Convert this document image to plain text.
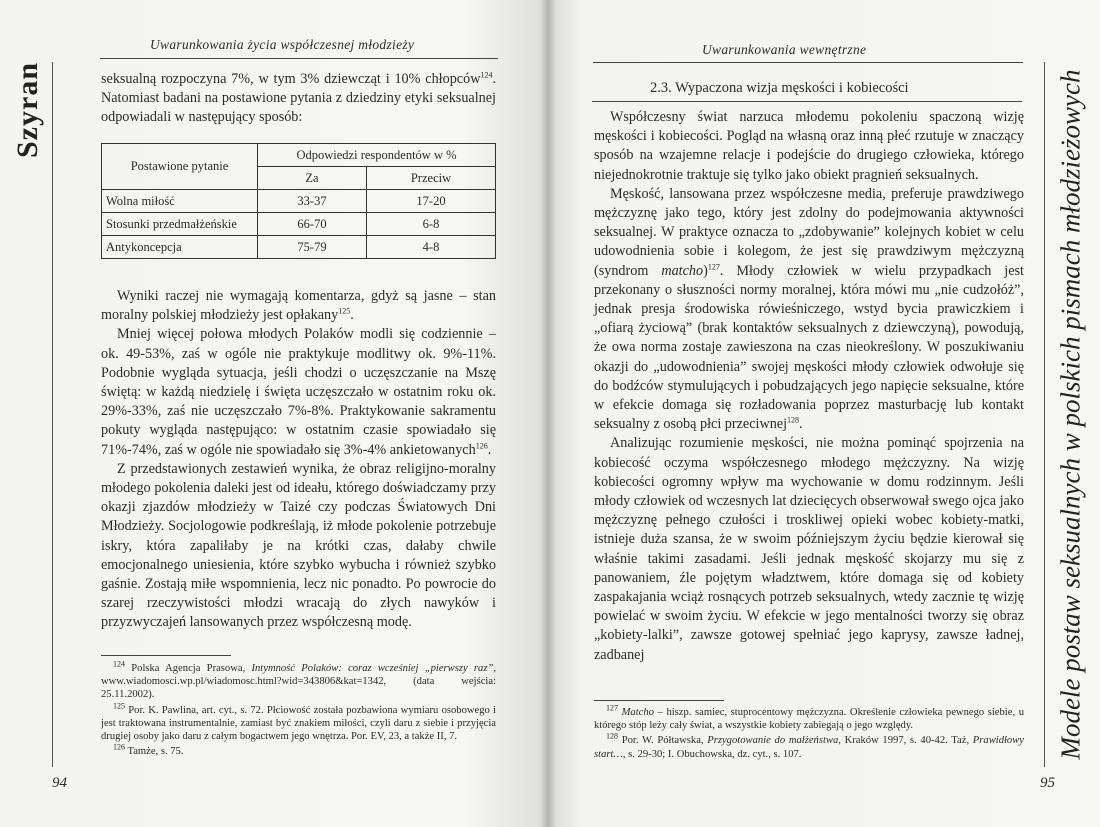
Szyran
Uwarunkowania życia współczesnej młodzieży

seksualną rozpoczyna 7%, w tym 3% dziewcząt i 10% chłopców$^{124}$. Natomiast badani na postawione pytania z dziedziny etyki seksualnej odpowiadali w następujący sposób:

Postawione pytanie	Odpowiedzi respondentów w %	
	Za	Przeciw
Wolna miłość	33-37	17-20
Stosunki przedmałżeńskie	66-70	6-8
Antykoncepcja	75-79	4-8

Wyniki raczej nie wymagają komentarza, gdyż są jasne – stan moralny polskiej młodzieży jest opłakany$^{125}$.

Mniej więcej połowa młodych Polaków modli się codziennie – ok. 49-53%, zaś w ogóle nie praktykuje modlitwy ok. 9%-11%. Podobnie wygląda sytuacja, jeśli chodzi o uczęszczanie na Mszę świętą: w każdą niedzielę i święta uczęszczało w ostatnim roku ok. 29%-33%, zaś nie uczęszczało 7%-8%. Praktykowanie sakramentu pokuty wygląda następująco: w ostatnim czasie spowiadało się 71%-74%, zaś w ogóle nie spowiadało się 3%-4% ankietowanych$^{126}$.

Z przedstawionych zestawień wynika, że obraz religijno-moralny młodego pokolenia daleki jest od ideału, którego doświadczamy przy okazji zjazdów młodzieży w Taizé czy podczas Światowych Dni Młodzieży. Socjologowie podkreślają, iż młode pokolenie potrzebuje iskry, która zapaliłaby je na krótki czas, dałaby chwile emocjonalnego uniesienia, które szybko wybucha i również szybko gaśnie. Zostają miłe wspomnienia, lecz nic ponadto. Po powrocie do szarej rzeczywistości młodzi wracają do złych nawyków i przyzwyczajeń lansowanych przez współczesną modę.

$^{124}$ Polska Agencja Prasowa, Intymność Polaków: coraz wcześniej „pierwszy raz”, www.wiadomosci.wp.pl/wiadomosc.html?wid=343806&kat=1342, (data wejścia: 25.11.2002).

$^{125}$ Por. K. Pawlina, art. cyt., s. 72. Płciowość została pozbawiona wymiaru osobowego i jest traktowana instrumentalnie, zamiast być znakiem miłości, czyli daru z siebie i przyjęcia drugiej osoby jako daru z całym bogactwem jego wnętrza. Por. EV, 23, a także II, 7.

$^{126}$ Tamże, s. 75.

94
Uwarunkowania wewnętrzne
Modele postaw seksualnych w polskich pismach młodzieżowych
2.3. Wypaczona wizja męskości i kobiecości

Współczesny świat narzuca młodemu pokoleniu spaczoną wizję męskości i kobiecości. Pogląd na własną oraz inną płeć rzutuje w znaczący sposób na wzajemne relacje i podejście do drugiego człowieka, którego niejednokrotnie traktuje się tylko jako obiekt pragnień seksualnych.

Męskość, lansowana przez współczesne media, preferuje prawdziwego mężczyznę jako tego, który jest zdolny do podejmowania aktywności seksualnej. W praktyce oznacza to „zdobywanie” kolejnych kobiet w celu udowodnienia sobie i kolegom, że jest się prawdziwym mężczyzną (syndrom matcho)$^{127}$. Młody człowiek w wielu przypadkach jest przekonany o słuszności normy moralnej, która mówi mu „nie cudzołóż”, jednak presja środowiska rówieśniczego, wstyd bycia prawiczkiem i „ofiarą życiową” (brak kontaktów seksualnych z dziewczyną), powodują, że owa norma zostaje zawieszona na czas nieokreślony. W poszukiwaniu okazji do „udowodnienia” swojej męskości młody człowiek odwołuje się do bodźców stymulujących i pobudzających jego napięcie seksualne, które w efekcie domaga się rozładowania poprzez masturbację lub kontakt seksualny z osobą płci przeciwnej$^{128}$.

Analizując rozumienie męskości, nie można pominąć spojrzenia na kobiecość oczyma współczesnego młodego mężczyzny. Na wizję kobiecości ogromny wpływ ma wychowanie w domu rodzinnym. Jeśli młody człowiek od wczesnych lat dziecięcych obserwował swego ojca jako mężczyznę pełnego czułości i troskliwej opieki wobec kobiety-matki, istnieje duża szansa, że w swoim późniejszym życiu będzie kierował się właśnie takimi zasadami. Jeśli jednak męskość skojarzy mu się z panowaniem, źle pojętym władztwem, które domaga się od kobiety zaspakajania wciąż rosnących potrzeb seksualnych, wtedy zacznie tę wizję powielać w swoim życiu. W efekcie w jego mentalności tworzy się obraz „kobiety-lalki”, zawsze gotowej spełniać jego kaprysy, zawsze ładnej, zadbanej

$^{127}$ Matcho – hiszp. samiec, stuprocentowy mężczyzna. Określenie człowieka pewnego siebie, u którego stóp leży cały świat, a wszystkie kobiety zabiegają o jego względy.

$^{128}$ Por. W. Półtawska, Przygotowanie do małżeństwa, Kraków 1997, s. 40-42. Taż, Prawidłowy start…, s. 29-30; I. Obuchowska, dz. cyt., s. 107.

95
